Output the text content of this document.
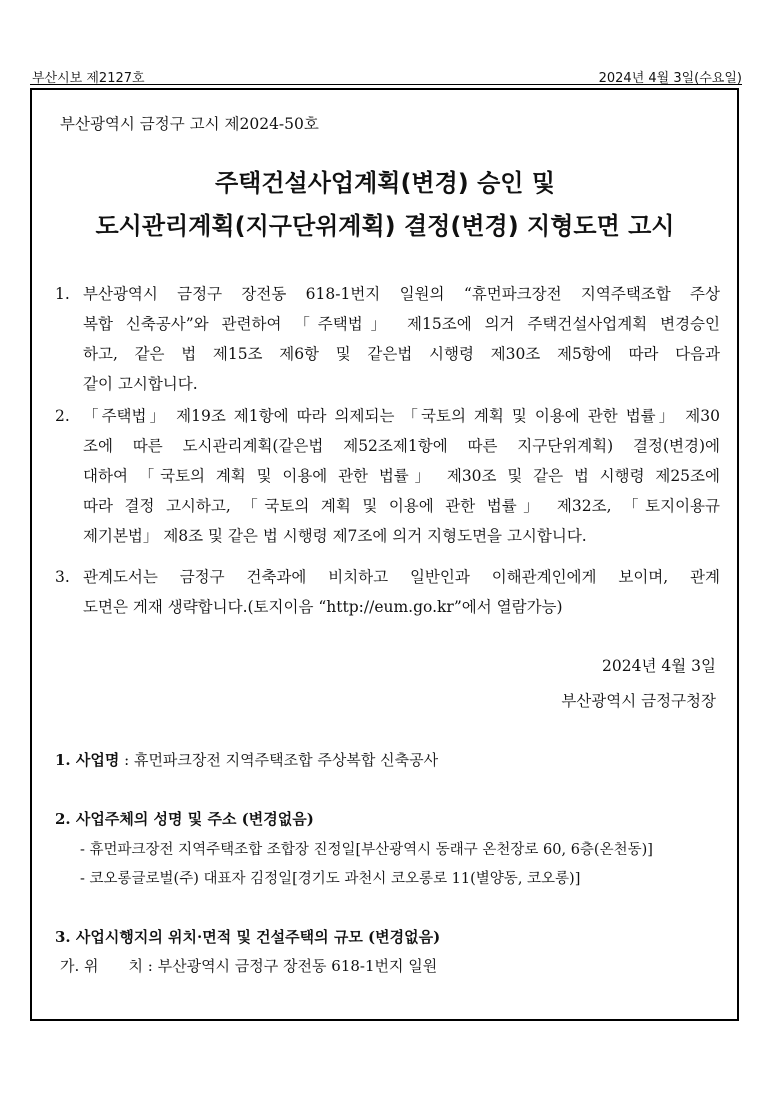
부산시보 제2127호	2024년 4월 3일(수요일)
부산광역시 금정구 고시 제2024-50호
주택건설사업계획(변경) 승인 및
도시관리계획(지구단위계획) 결정(변경) 지형도면 고시
1. 부산광역시 금정구 장전동 618-1번지 일원의 “휴먼파크장전 지역주택조합 주상
복합 신축공사”와 관련하여 「주택법」 제15조에 의거 주택건설사업계획 변경승인
하고, 같은 법 제15조 제6항 및 같은법 시행령 제30조 제5항에 따라 다음과
같이 고시합니다.
2. 「주택법」 제19조 제1항에 따라 의제되는 「국토의 계획 및 이용에 관한 법률」 제30
조에 따른 도시관리계획(같은법 제52조제1항에 따른 지구단위계획) 결정(변경)에
대하여 「국토의 계획 및 이용에 관한 법률」 제30조 및 같은 법 시행령 제25조에
따라 결정 고시하고, 「국토의 계획 및 이용에 관한 법률」 제32조, 「토지이용규
제기본법」 제8조 및 같은 법 시행령 제7조에 의거 지형도면을 고시합니다.
3. 관계도서는 금정구 건축과에 비치하고 일반인과 이해관계인에게 보이며, 관계
도면은 게재 생략합니다.(토지이음 “http://eum.go.kr”에서 열람가능)
2024년 4월 3일
부산광역시 금정구청장
1. 사업명 : 휴먼파크장전 지역주택조합 주상복합 신축공사
2. 사업주체의 성명 및 주소 (변경없음)
- 휴먼파크장전 지역주택조합 조합장 진정일[부산광역시 동래구 온천장로 60, 6층(온천동)]
- 코오롱글로벌(주) 대표자 김정일[경기도 과천시 코오롱로 11(별양동, 코오롱)]
3. 사업시행지의 위치·면적 및 건설주택의 규모 (변경없음)
가. 위　　치 : 부산광역시 금정구 장전동 618-1번지 일원
